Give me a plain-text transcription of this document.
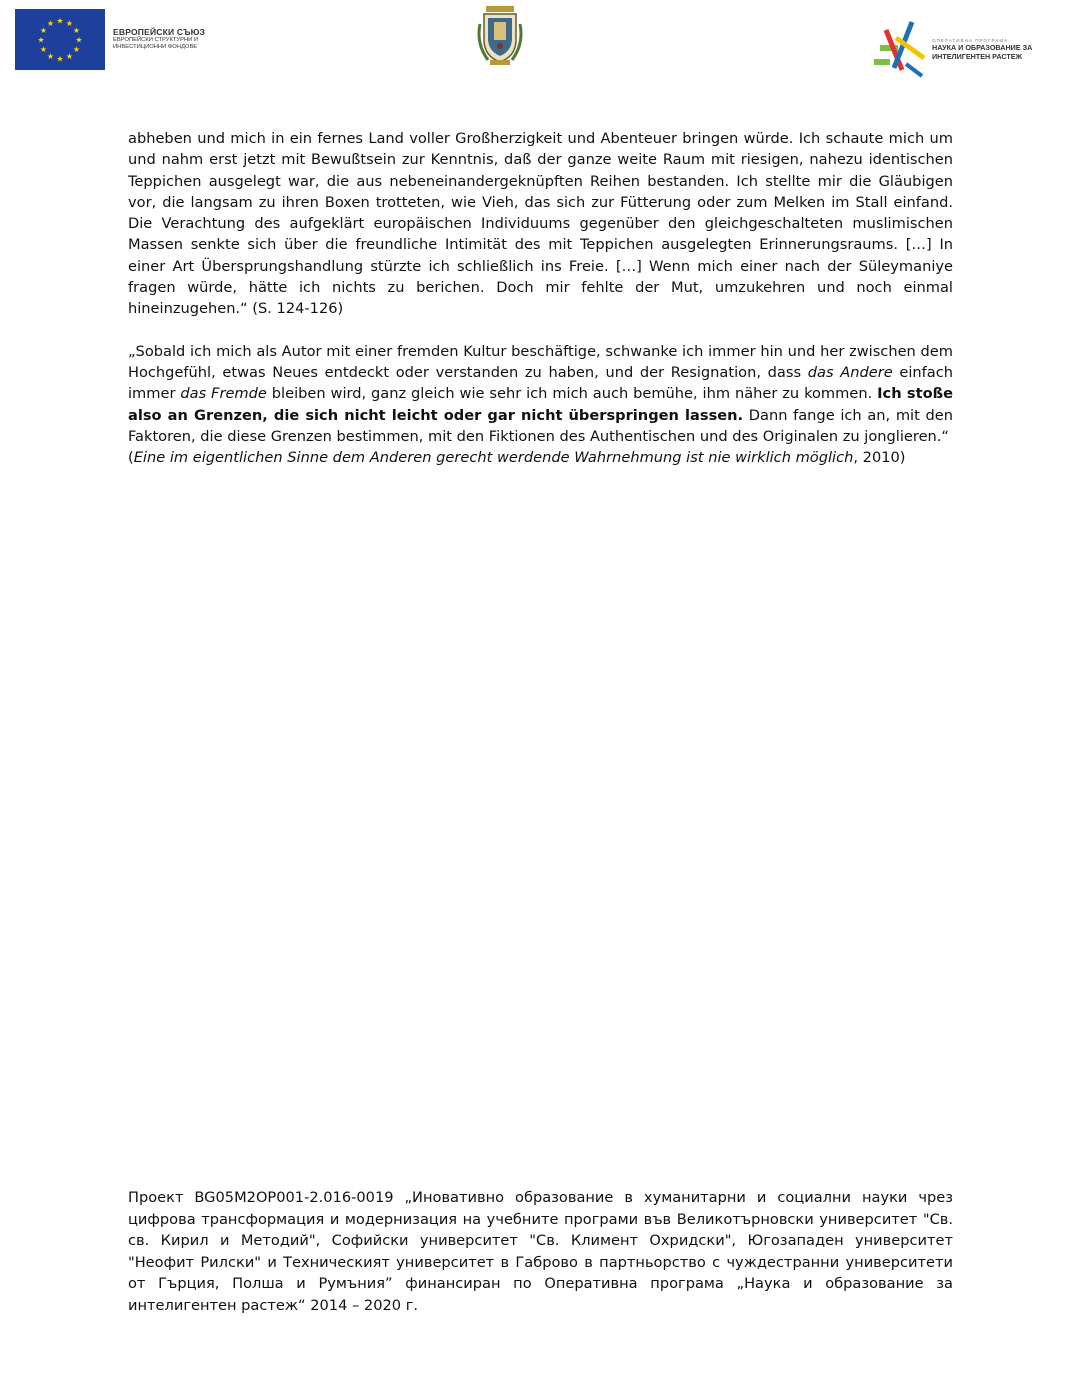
★ ★
★
★
★
★
★
★
★
★
★
★
ЕВРОПЕЙСКИ СЪЮЗ
ЕВРОПЕЙСКИ СТРУКТУРНИ И
ИНВЕСТИЦИОННИ ФОНДОВЕ
ОПЕРАТИВНА ПРОГРАМА
НАУКА И ОБРАЗОВАНИЕ ЗА
ИНТЕЛИГЕНТЕН РАСТЕЖ

abheben und mich in ein fernes Land voller Großherzigkeit und Abenteuer bringen würde. Ich schaute mich um und nahm erst jetzt mit Bewußtsein zur Kenntnis, daß der ganze weite Raum mit riesigen, nahezu identischen Teppichen ausgelegt war, die aus nebeneinandergeknüpften Reihen bestanden. Ich stellte mir die Gläubigen vor, die langsam zu ihren Boxen trotteten, wie Vieh, das sich zur Fütterung oder zum Melken im Stall einfand. Die Verachtung des aufgeklärt europäischen Individuums gegenüber den gleichgeschalteten muslimischen Massen senkte sich über die freundliche Intimität des mit Teppichen ausgelegten Erinnerungsraums. […] In einer Art Übersprungshandlung stürzte ich schließlich ins Freie. […] Wenn mich einer nach der Süleymaniye fragen würde, hätte ich nichts zu berichen. Doch mir fehlte der Mut, umzukehren und noch einmal hineinzugehen.“ (S. 124-126)

„Sobald ich mich als Autor mit einer fremden Kultur beschäftige, schwanke ich immer hin und her zwischen dem Hochgefühl, etwas Neues entdeckt oder verstanden zu haben, und der Resignation, dass das Andere einfach immer das Fremde bleiben wird, ganz gleich wie sehr ich mich auch bemühe, ihm näher zu kommen. Ich stoße also an Grenzen, die sich nicht leicht oder gar nicht überspringen lassen. Dann fange ich an, mit den Faktoren, die diese Grenzen bestimmen, mit den Fiktionen des Authentischen und des Originalen zu jonglieren.“

(Eine im eigentlichen Sinne dem Anderen gerecht werdende Wahrnehmung ist nie wirklich möglich, 2010)

Проект BG05M2OP001-2.016-0019 „Иновативно образование в хуманитарни и социални науки чрез цифрова трансформация и модернизация на учебните програми във Великотърновски университет "Св. св. Кирил и Методий", Софийски университет "Св. Климент Охридски", Югозападен университет "Неофит Рилски" и Техническият университет в Габрово в партньорство с чуждестранни университети от Гърция, Полша и Румъния” финансиран по Оперативна програма „Наука и образование за интелигентен растеж“ 2014 – 2020 г.
